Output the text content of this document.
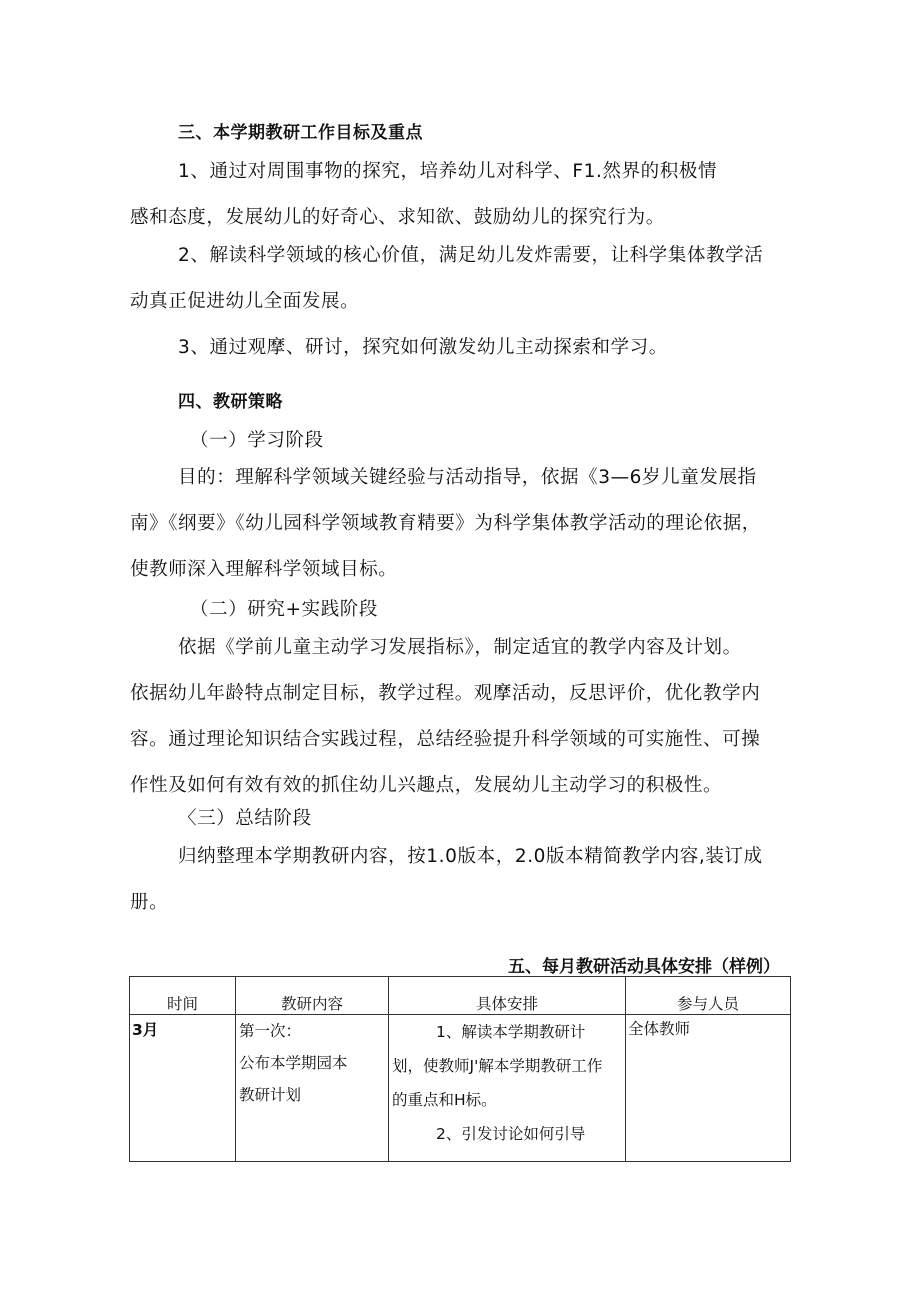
三、本学期教研工作目标及重点

1、通过对周围事物的探究，培养幼儿对科学、F1.然界的积极情
感和态度，发展幼儿的好奇心、求知欲、鼓励幼儿的探究行为。

2、解读科学领域的核心价值，满足幼儿发炸需要，让科学集体教学活
动真正促进幼儿全面发展。

3、通过观摩、研讨，探究如何激发幼儿主动探索和学习。

四、教研策略
（一）学习阶段

目的：理解科学领域关键经验与活动指导，依据《3—6岁儿童发展指
南》《纲要》《幼儿园科学领域教育精要》为科学集体教学活动的理论依据，
使教师深入理解科学领域目标。

（二）研究+实践阶段

依据《学前儿童主动学习发展指标》，制定适宜的教学内容及计划。
依据幼儿年龄特点制定目标，教学过程。观摩活动，反思评价，优化教学内
容。通过理论知识结合实践过程，总结经验提升科学领域的可实施性、可操
作性及如何有效有效的抓住幼儿兴趣点，发展幼儿主动学习的积极性。

〈三）总结阶段

归纳整理本学期教研内容，按1.0版本，2.0版本精简教学内容,装订成
册。

五、每月教研活动具体安排（样例）
时间	教研内容	具体安排	参与人员
3月	第一次：
公布本学期园本
教研计划	1、解读本学期教研计
划，使教师J'解本学期教研工作
的重点和H标。
2、引发讨论如何引导	全体教师
